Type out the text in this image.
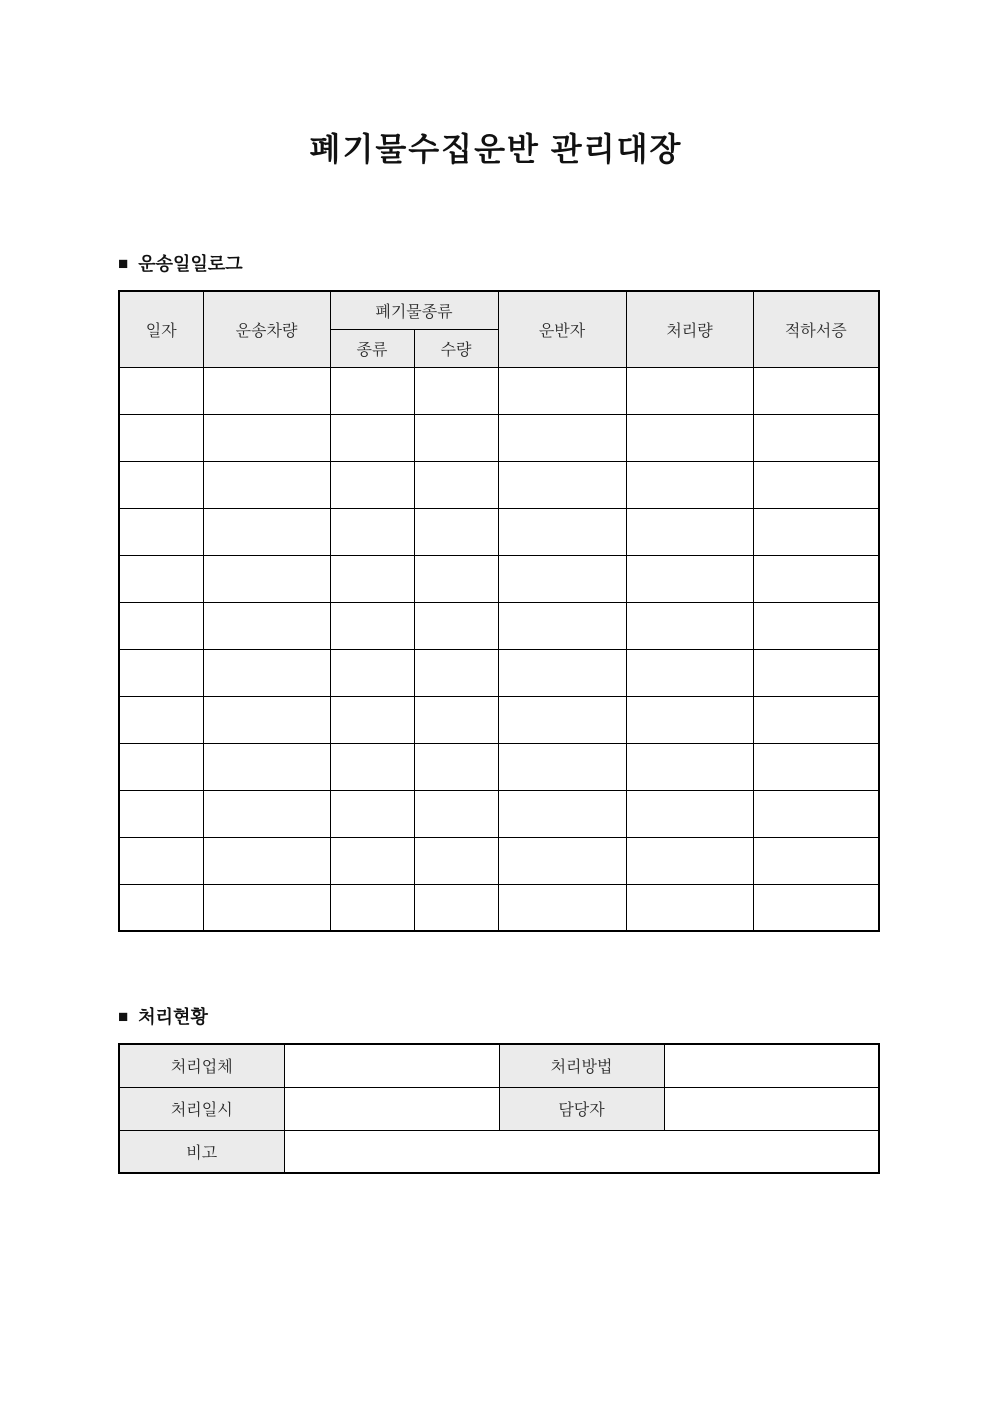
폐기물수집운반 관리대장
■ 운송일일로그
일자	운송차량	폐기물종류		운반자	처리량	적하서증
		종류	수량			

■ 처리현황
처리업체		처리방법	
처리일시		담당자	
비고			
